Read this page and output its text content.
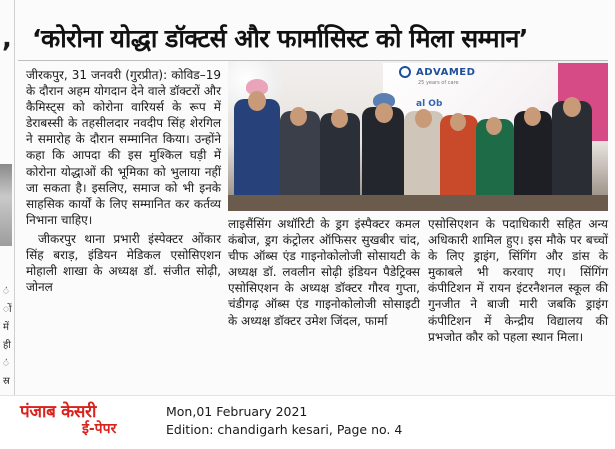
,
ं
ों
में
ही
ं
स्र
‘कोरोना योद्धा डॉक्टर्स और फार्मासिस्ट को मिला सम्मान’

जीरकपुर, 31 जनवरी (गुरप्रीत): कोविड–19 के दौरान अहम योगदान देने वाले डॉक्टरों और कैमिस्ट्स को कोरोना वारियर्स के रूप में डेराबस्सी के तहसीलदार नवदीप सिंह शेरगिल ने समारोह के दौरान सम्मानित किया। उन्होंने कहा कि आपदा की इस मुश्किल घड़ी में कोरोना योद्धाओं की भूमिका को भुलाया नहीं जा सकता है। इसलिए, समाज को भी इनके साहसिक कार्यों के लिए सम्मानित कर कर्तव्य निभाना चाहिए।

जीकरपुर थाना प्रभारी इंस्पेक्टर ओंकार सिंह बराड़, इंडियन मेडिकल एसोसिएशन मोहाली शाखा के अध्यक्ष डॉ. संजीत सोढ़ी, जोनल

ADVAMED
25 years of care
al Ob

लाइसैंसिंग अथॉरिटी के ड्रग इंस्पैक्टर कमल कंबोज, ड्रग कंट्रोलर ऑफिसर सुखबीर चांद, चीफ ऑब्स एंड गाइनोकोलोजी सोसायटी के अध्यक्ष डॉ. लवलीन सोढ़ी इंडियन पैडेट्रिक्स एसोसिएशन के अध्यक्ष डॉक्टर गौरव गुप्ता, चंडीगढ़ ऑब्स एंड गाइनोकोलोजी सोसाइटी के अध्यक्ष डॉक्टर उमेश जिंदल, फार्मा

एसोसिएशन के पदाधिकारी सहित अन्य अधिकारी शामिल हुए। इस मौके पर बच्चों के लिए ड्राइंग, सिंगिंग और डांस के मुकाबले भी करवाए गए। सिंगिंग कंपीटिशन में रायन इंटरनैशनल स्कूल की गुनजीत ने बाजी मारी जबकि ड्राइंग कंपीटिशन में केन्द्रीय विद्यालय की प्रभजोत कौर को पहला स्थान मिला।

पंजाब केसरी
ई-पेपर
Mon,01 February 2021
Edition: chandigarh kesari, Page no. 4
